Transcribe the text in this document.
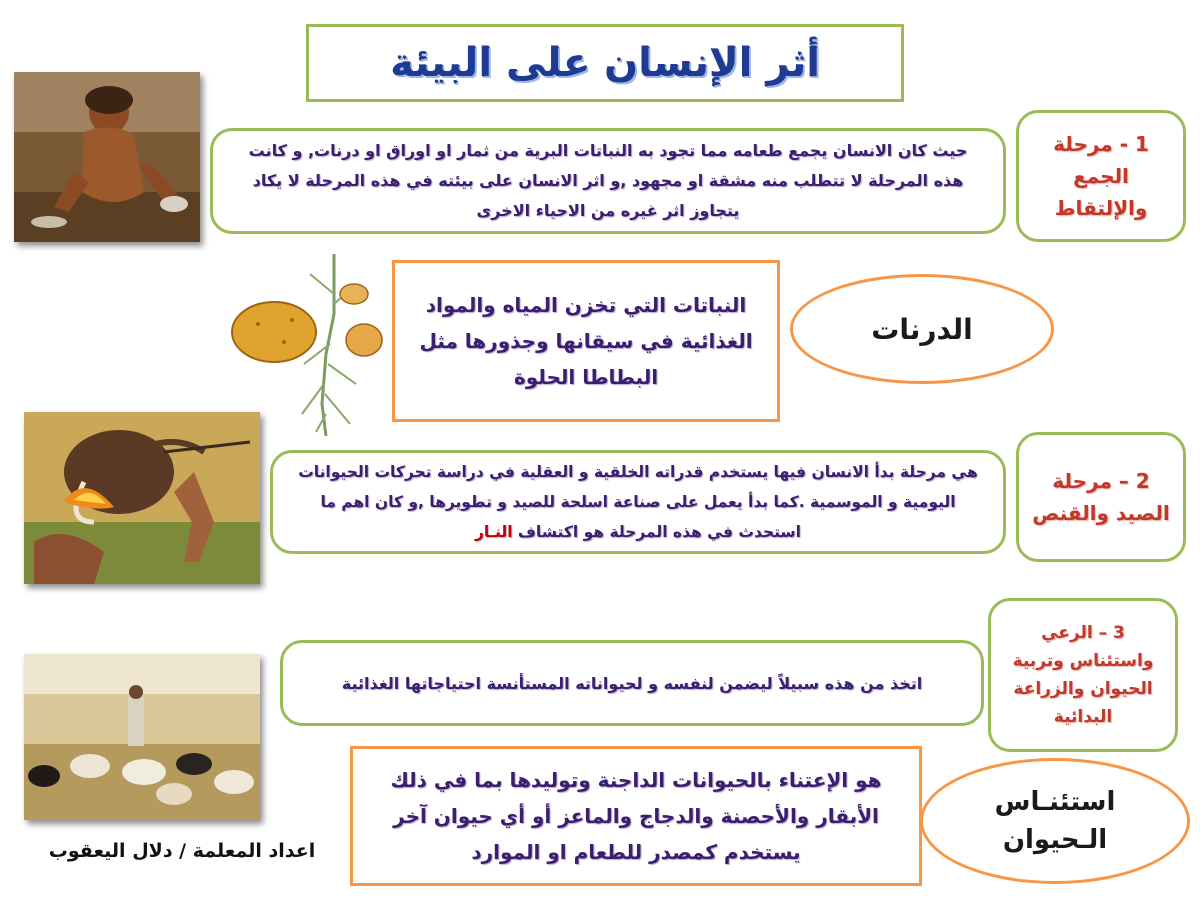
أثر الإنسان على البيئة
حيث كان الانسان يجمع طعامه مما تجود به النباتات البرية من ثمار او اوراق او درنات, و كانت هذه المرحلة لا تتطلب منه مشقة او مجهود ,و اثر الانسان على بيئته في هذه المرحلة لا يكاد يتجاوز اثر غيره من الاحياء الاخرى
1 - مرحلة الجمع والإلتقاط
النباتات التي تخزن المياه والمواد الغذائية في سيقانها وجذورها مثل البطاطا الحلوة
الدرنات

هي مرحلة بدأ الانسان فيها يستخدم قدراته الخلقية و العقلية في دراسة تحركات الحيوانات اليومية و الموسمية .كما بدأ يعمل على صناعة اسلحة للصيد و تطويرها ,و كان اهم ما استحدث في هذه المرحلة هو اكتشاف النـار

2 – مرحلة الصيد والقنص
اتخذ من هذه سبيلاً ليضمن لنفسه و لحيواناته المستأنسة احتياجاتها الغذائية
3 – الرعي واستئناس وتربية الحيوان والزراعة البدائية
هو الإعتناء بالحيوانات الداجنة وتوليدها بما في ذلك الأبقار والأحصنة والدجاج والماعز أو أي حيوان آخر يستخدم كمصدر للطعام او الموارد
استئنـاس الـحيوان
اعداد المعلمة / دلال اليعقوب
